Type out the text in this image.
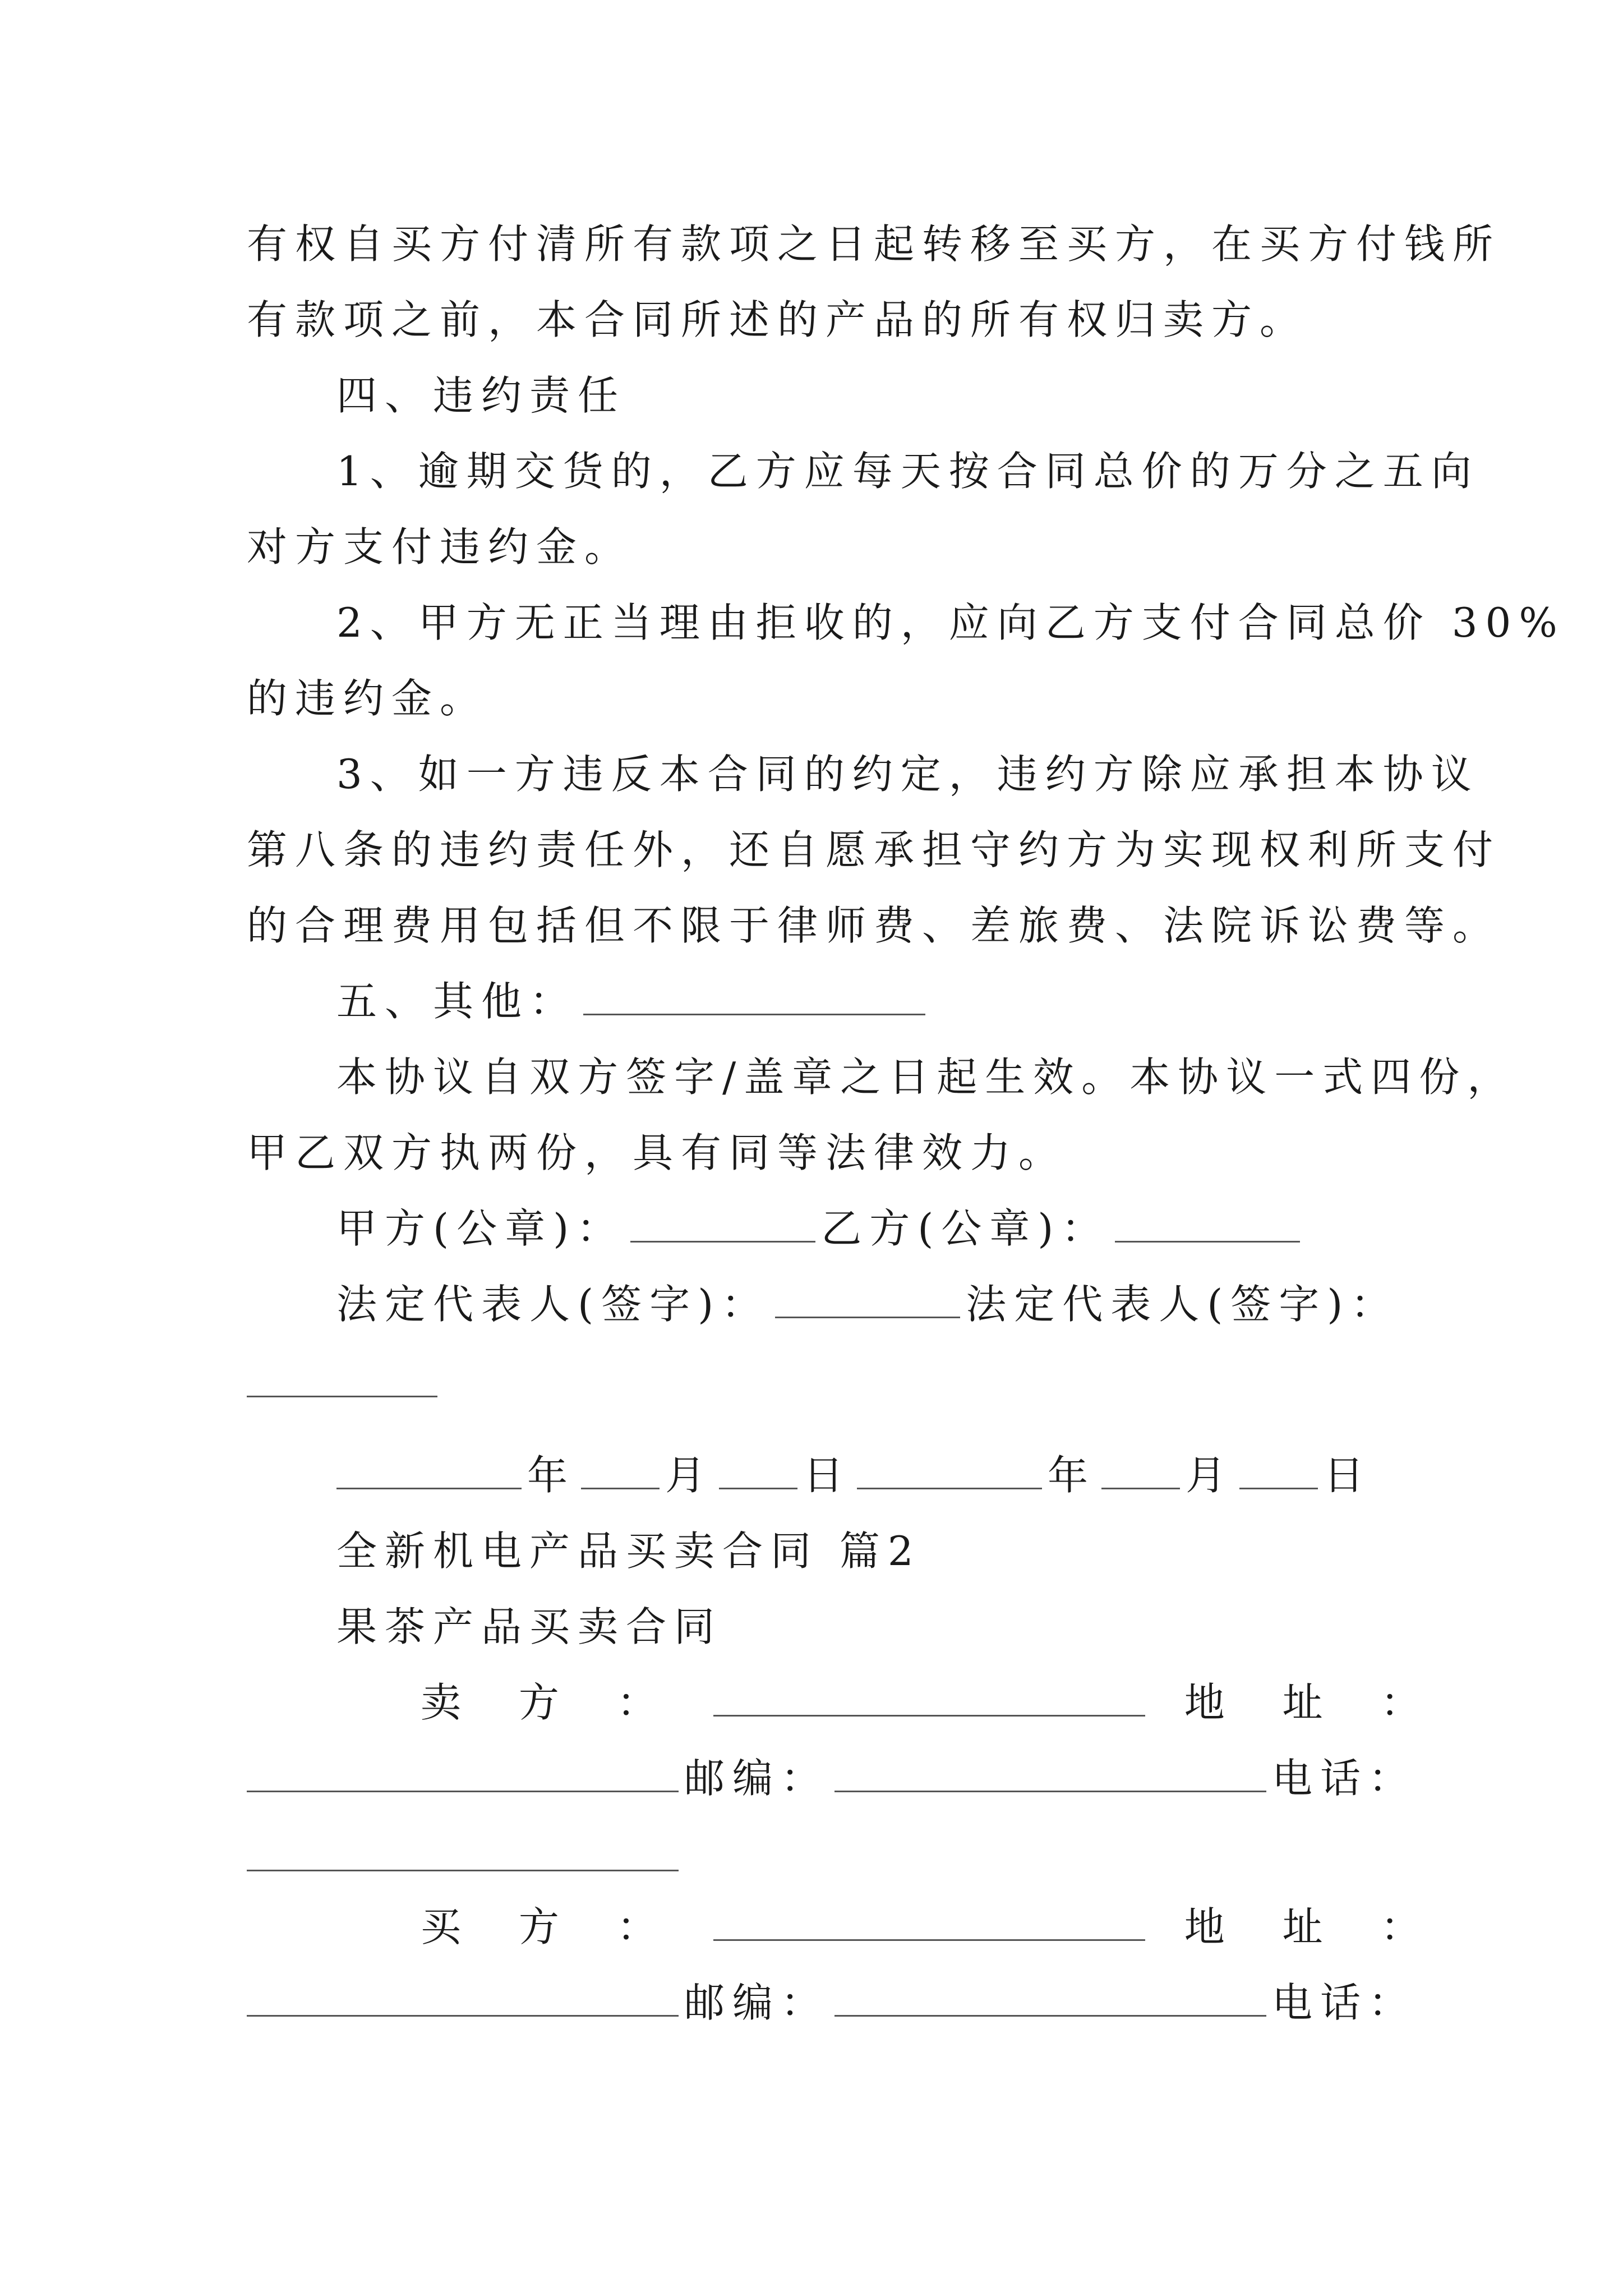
有权自买方付清所有款项之日起转移至买方，在买方付钱所
有款项之前，本合同所述的产品的所有权归卖方。
四、违约责任
1、逾期交货的，乙方应每天按合同总价的万分之五向
对方支付违约金。
2、甲方无正当理由拒收的，应向乙方支付合同总价 30%
的违约金。
3、如一方违反本合同的约定，违约方除应承担本协议
第八条的违约责任外，还自愿承担守约方为实现权利所支付
的合理费用包括但不限于律师费、差旅费、法院诉讼费等。
五、其他：
本协议自双方签字/盖章之日起生效。本协议一式四份，
甲乙双方执两份，具有同等法律效力。
甲方(公章)：	乙方(公章)：
法定代表人(签字)：	法定代表人(签字)：
年 月 日	年 月 日
全新机电产品买卖合同 篇2
果茶产品买卖合同
卖 方 ：	地 址 ：
邮编：	电话：
买 方 ：	地 址 ：
邮编：	电话：
